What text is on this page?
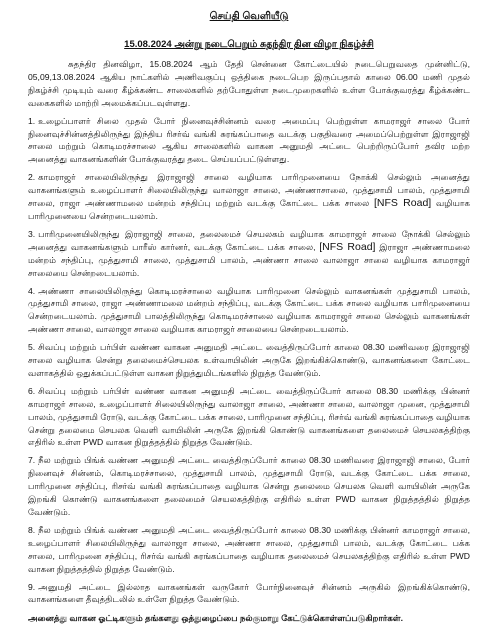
செய்தி வெளியீடு
15.08.2024 அன்று நடைபெறும் சுதந்திர தின விழா நிகழ்ச்சி

சுதந்திர தினவிழா, 15.08.2024 ஆம் தேதி சென்னை கோட்டையில் நடைபெறுவதை முன்னிட்டு, 05,09,13.08.2024 ஆகிய நாட்களில் அணிவகுப்பு ஒத்திகை நடைபெற இருப்பதால் காலை 06.00 மணி முதல் நிகழ்ச்சி முடியும் வரை கீழ்க்கண்ட சாலைகளில் தற்போதுள்ள நடைமுறைகளில் உள்ள போக்குவரத்து கீழ்க்கண்ட வகைகளில் மாற்றி அமைக்கப்படவுள்ளது.

1. உழைப்பாளர் சிலை முதல் போர் நினைவுச்சின்னம் வரை அமைப்பு பெற்றுள்ள காமராஜர் சாலை போர் நினைவுச்சின்னத்திலிருந்து இந்திய ரிசர்வ் வங்கி சுரங்கப்பாதை வடக்கு பகுதிவரை அமைப்பெற்றுள்ள இராஜாஜி சாலை மற்றும் கொடிமரச்சாலை ஆகிய சாலைகளில் வாகன அனுமதி அட்டை பெற்றிருப்போர் தவிர மற்ற அனைத்து வாகனங்களின் போக்குவரத்து தடை செய்யப்பட்டுள்ளது.

2. காமராஜர் சாலையிலிருந்து இராஜாஜி சாலை வழியாக பாரிமுனையை நோக்கி செல்லும் அனைத்து வாகனங்களும் உழைப்பாளர் சிலையிலிருந்து வாலாஜா சாலை, அண்ணாசாலை, முத்துசாமி பாலம், முத்துசாமி சாலை, ராஜா அண்ணாமலை மன்றம் சந்திப்பு மற்றும் வடக்கு கோட்டை பக்க சாலை [NFS Road] வழியாக பாரிமுனையை சென்றடையலாம்.

3. பாரிமுனையிலிருந்து இராஜாஜி சாலை, தலைமைச் செயலகம் வழியாக காமராஜர் சாலை நோக்கி செல்லும் அனைத்து வாகனங்களும் பாரீஸ் கார்னர், வடக்கு கோட்டை பக்க சாலை, [NFS Road] இராஜா அண்ணாமலை மன்றம் சந்திப்பு, முத்துசாமி சாலை, முத்துசாமி பாலம், அண்ணா சாலை வாலாஜா சாலை வழியாக காமராஜர் சாலையை சென்றடையலாம்.

4. அண்ணா சாலையிலிருந்து கொடிமரச்சாலை வழியாக பாரிமுனை செல்லும் வாகனங்கள் முத்துசாமி பாலம், முத்துசாமி சாலை, ராஜா அண்ணாமலை மன்றம் சந்திப்பு, வடக்கு கோட்டை பக்க சாலை வழியாக பாரிமுனையை சென்றடையலாம். முத்துசாமி பாலத்திலிருந்து கொடிமரச்சாலை வழியாக காமராஜர் சாலை செல்லும் வாகனங்கள் அண்ணா சாலை, வாலாஜா சாலை வழியாக காமராஜர் சாலையை சென்றடையலாம்.

5. சிவப்பு மற்றும் பர்பிள் வண்ண வாகன அனுமதி அட்டை வைத்திருப்போர் காலை 08.30 மணிவரை இராஜாஜி சாலை வழியாக சென்று தலைமைச்செயலக உள்வாயிலின் அருகே இறங்கிக்கொண்டு, வாகனங்களை கோட்டை வளாகத்தில் ஒதுக்கப்பட்டுள்ள வாகன நிறுத்துமிடங்களில் நிறுத்த வேண்டும்.

6. சிவப்பு மற்றும் பர்பிள் வண்ண வாகன அனுமதி அட்டை வைத்திருப்போர் காலை 08.30 மணிக்கு பின்னர் காமராஜர் சாலை, உழைப்பாளர் சிலையிலிருந்து வாலாஜா சாலை, அண்ணா சாலை, வாலாஜா முனை, முத்துசாமி பாலம், முத்துசாமி ரோடு, வடக்கு கோட்டை பக்க சாலை, பாரிமுனை சந்திப்பு, ரிசர்வ் வங்கி சுரங்கப்பாதை வழியாக சென்று தலைமை செயலக வெளி வாயிலின் அருகே இறங்கி கொண்டு வாகனங்களை தலைமைச் செயலகத்திற்கு எதிரில் உள்ள PWD வாகன நிறுத்தத்தில் நிறுத்த வேண்டும்.

7. நீல மற்றும் பிங்க் வண்ண அனுமதி அட்டை வைத்திருப்போர் காலை 08.30 மணிவரை இராஜாஜி சாலை, போர் நினைவுச் சின்னம், கொடிமரச்சாலை, முத்துசாமி பாலம், முத்துசாமி ரோடு, வடக்கு கோட்டை பக்க சாலை, பாரிமுனை சந்திப்பு, ரிசர்வ் வங்கி சுரங்கப்பாதை வழியாக சென்று தலைமை செயலக வெளி வாயிலின் அருகே இறங்கி கொண்டு வாகனங்களை தலைமைச் செயலகத்திற்கு எதிரில் உள்ள PWD வாகன நிறுத்தத்தில் நிறுத்த வேண்டும்.

8. நீல மற்றும் பிங்க் வண்ண அனுமதி அட்டை வைத்திருப்போர் காலை 08.30 மணிக்கு பின்னர் காமராஜர் சாலை, உழைப்பாளர் சிலையிலிருந்து வாலாஜா சாலை, அண்ணா சாலை, முத்துசாமி பாலம், வடக்கு கோட்டை பக்க சாலை, பாரிமுனை சந்திப்பு, ரிசர்வ் வங்கி சுரங்கப்பாதை வழியாக தலைமைச் செயலகத்திற்கு எதிரில் உள்ள PWD வாகன நிறுத்தத்தில் நிறுத்த வேண்டும்.

9. அனுமதி அட்டை இல்லாத வாகனங்கள் வருகோர் போர்நினைவுச் சின்னம் அருகில் இறங்கிக்கொண்டு, வாகனங்களை தீவுத்திடலில் உள்ளே நிறுத்த வேண்டும்.

அனைத்து வாகன ஓட்டிகளும் தங்களது ஒத்துழைப்பை நல்குமாறு கேட்டுக்கொள்ளப்படுகிறார்கள்.
